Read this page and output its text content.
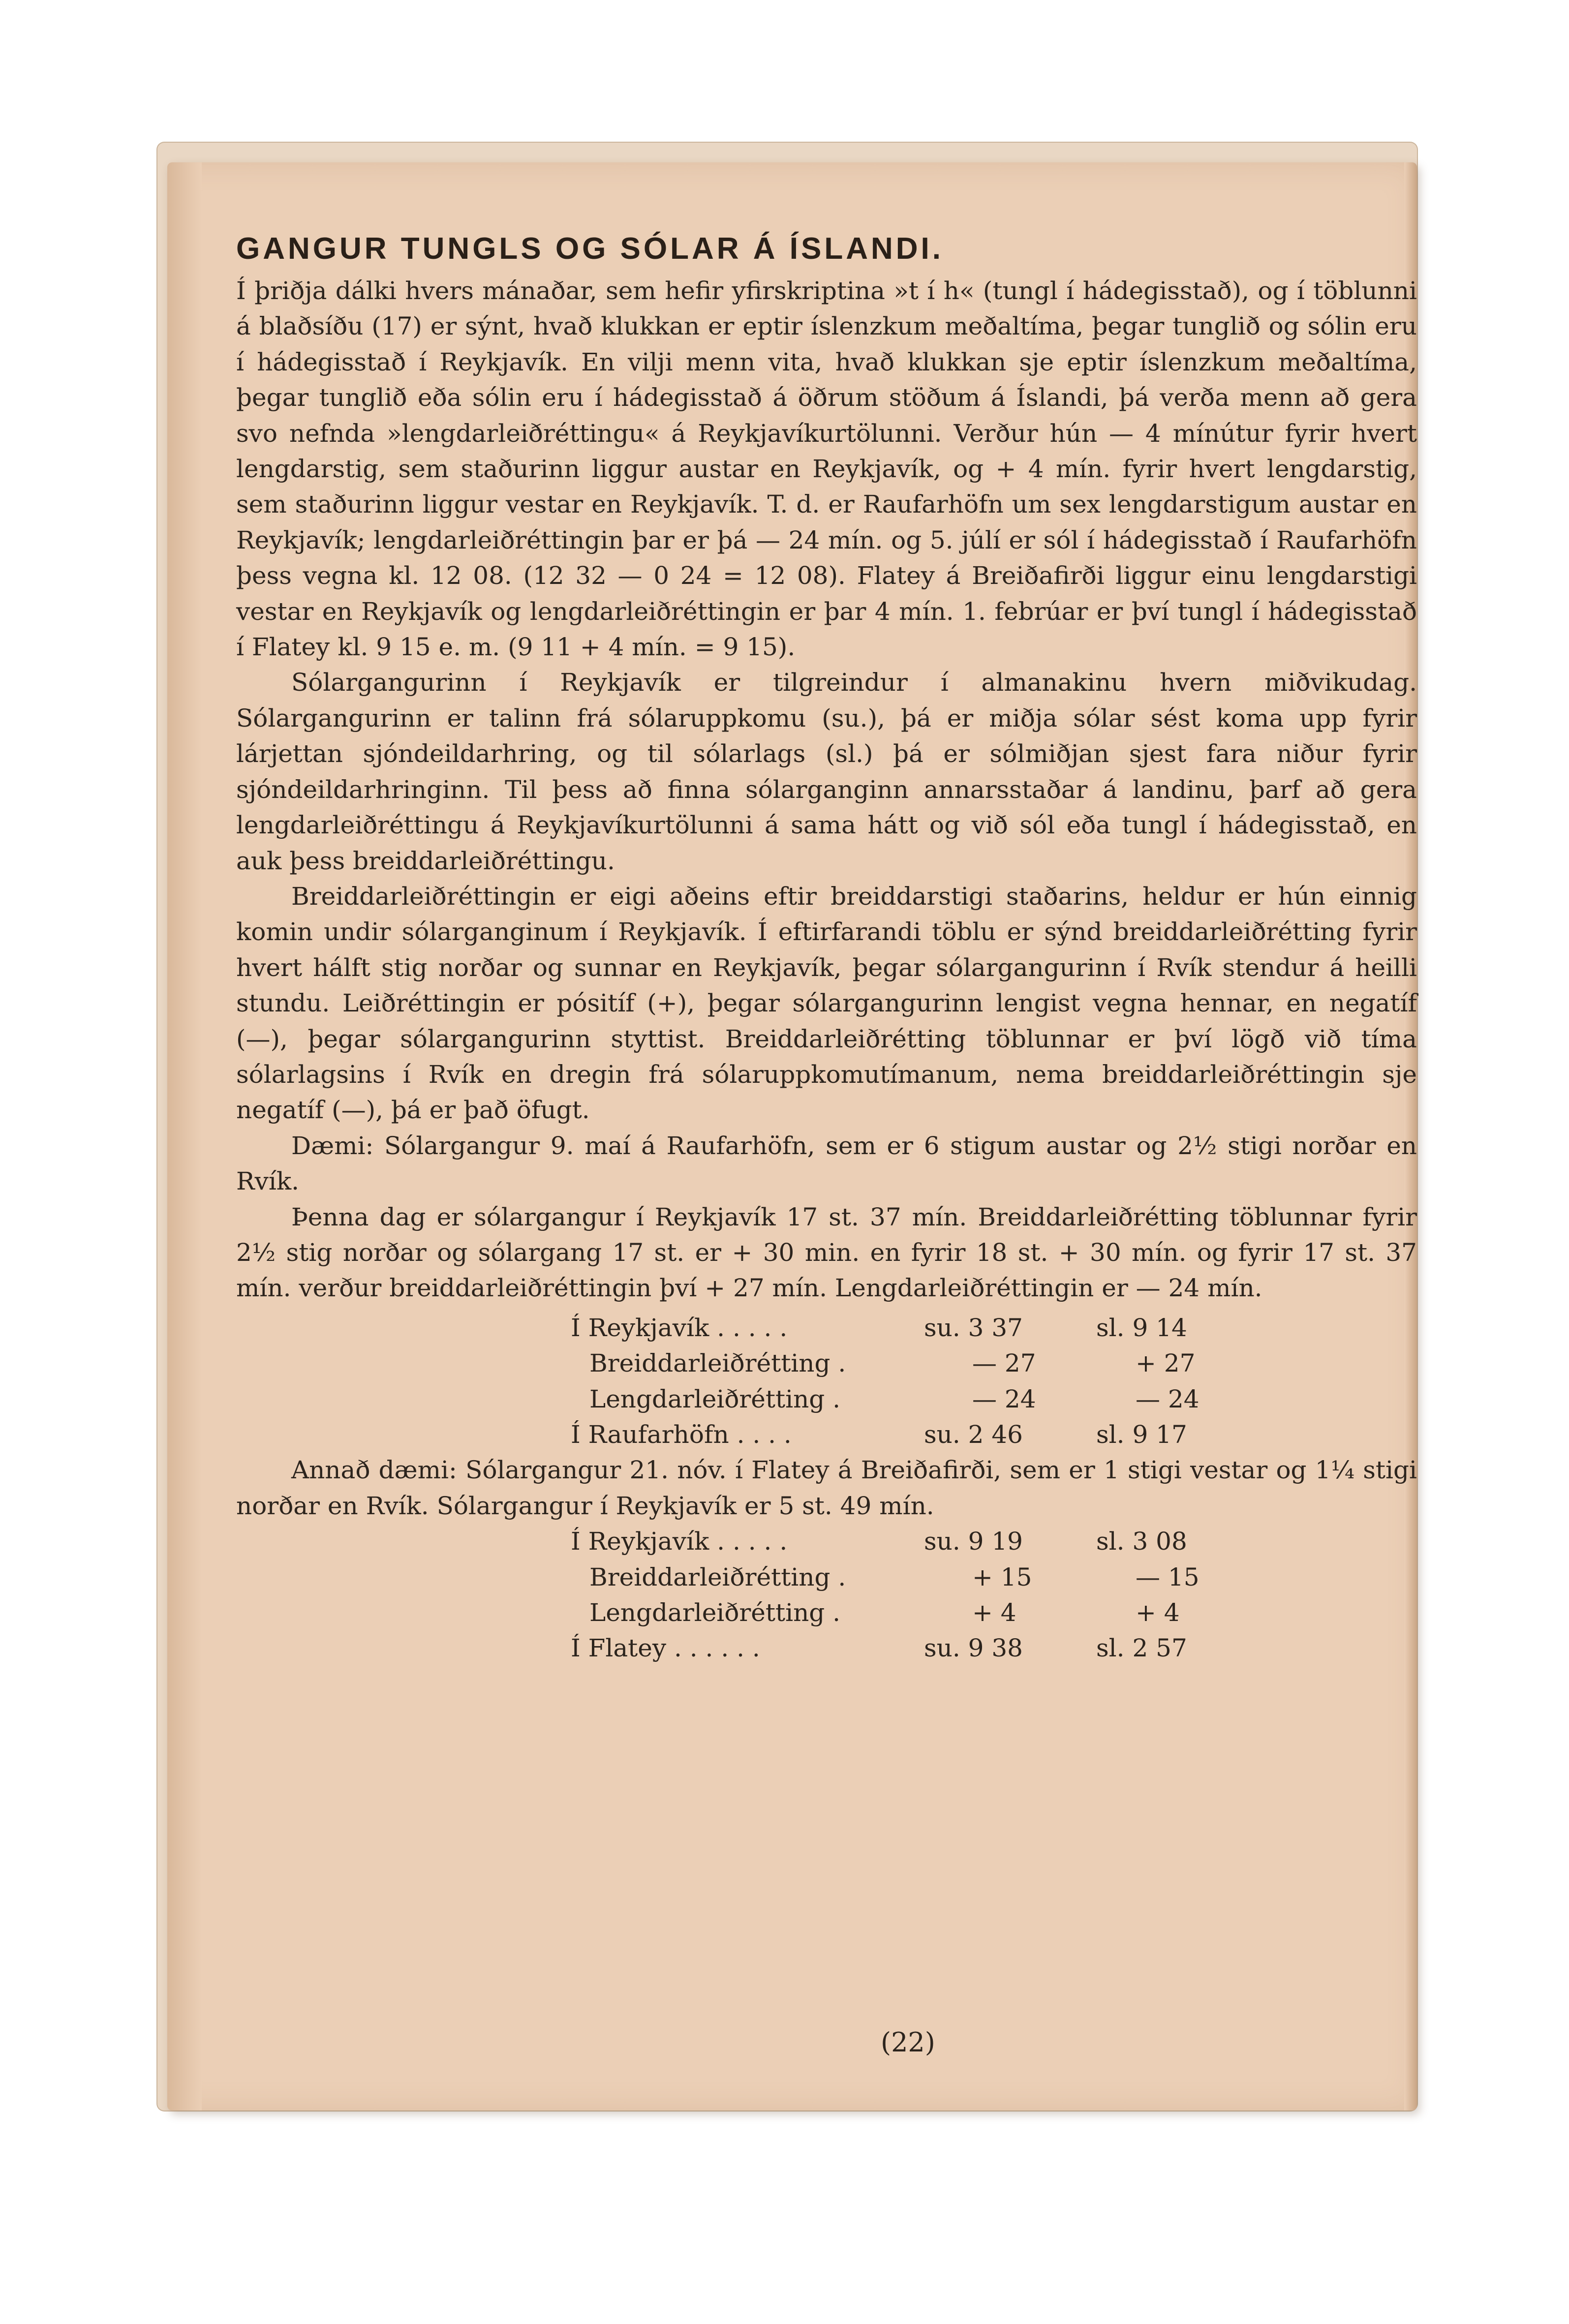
GANGUR TUNGLS OG SÓLAR Á ÍSLANDI.

Í þriðja dálki hvers mánaðar, sem hefir yfirskriptina »t í h« (tungl í hádegisstað), og í töblunni á blaðsíðu (17) er sýnt, hvað klukkan er eptir íslenzkum meðaltíma, þegar tunglið og sólin eru í hádegisstað í Reykjavík. En vilji menn vita, hvað klukkan sje eptir íslenzkum meðaltíma, þegar tunglið eða sólin eru í hádegisstað á öðrum stöðum á Íslandi, þá verða menn að gera svo nefnda »lengdarleiðréttingu« á Reykjavíkurtölunni. Verður hún — 4 mínútur fyrir hvert lengdarstig, sem staðurinn liggur austar en Reykjavík, og + 4 mín. fyrir hvert lengdarstig, sem staðurinn liggur vestar en Reykjavík. T. d. er Raufarhöfn um sex lengdarstigum austar en Reykjavík; lengdarleiðréttingin þar er þá — 24 mín. og 5. júlí er sól í hádegisstað í Raufarhöfn þess vegna kl. 12 08. (12 32 — 0 24 = 12 08). Flatey á Breiðafirði liggur einu lengdarstigi vestar en Reykjavík og lengdarleiðréttingin er þar 4 mín. 1. febrúar er því tungl í hádegisstað í Flatey kl. 9 15 e. m. (9 11 + 4 mín. = 9 15).

Sólargangurinn í Reykjavík er tilgreindur í almanakinu hvern miðvikudag. Sólargangurinn er talinn frá sólaruppkomu (su.), þá er miðja sólar sést koma upp fyrir lárjettan sjóndeildarhring, og til sólarlags (sl.) þá er sólmiðjan sjest fara niður fyrir sjóndeildarhringinn. Til þess að finna sólarganginn annarsstaðar á landinu, þarf að gera lengdarleiðréttingu á Reykjavíkurtölunni á sama hátt og við sól eða tungl í hádegisstað, en auk þess breiddarleiðréttingu.

Breiddarleiðréttingin er eigi aðeins eftir breiddarstigi staðarins, heldur er hún einnig komin undir sólarganginum í Reykjavík. Í eftirfarandi töblu er sýnd breiddarleiðrétting fyrir hvert hálft stig norðar og sunnar en Reykjavík, þegar sólargangurinn í Rvík stendur á heilli stundu. Leiðréttingin er pósitíf (+), þegar sólargangurinn lengist vegna hennar, en negatíf (—), þegar sólargangurinn styttist. Breiddarleiðrétting töblunnar er því lögð við tíma sólarlagsins í Rvík en dregin frá sólaruppkomutímanum, nema breiddarleiðréttingin sje negatíf (—), þá er það öfugt.

Dæmi: Sólargangur 9. maí á Raufarhöfn, sem er 6 stigum austar og 2½ stigi norðar en Rvík.

Þenna dag er sólargangur í Reykjavík 17 st. 37 mín. Breiddarleiðrétting töblunnar fyrir 2½ stig norðar og sólargang 17 st. er + 30 min. en fyrir 18 st. + 30 mín. og fyrir 17 st. 37 mín. verður breiddarleiðréttingin því + 27 mín. Lengdarleiðréttingin er — 24 mín.

Í Reykjavík . . . . .	su. 3 37	sl. 9 14
Breiddarleiðrétting .	— 27	+ 27
Lengdarleiðrétting .	— 24	— 24
Í Raufarhöfn . . . .	su. 2 46	sl. 9 17

Annað dæmi: Sólargangur 21. nóv. í Flatey á Breiðafirði, sem er 1 stigi vestar og 1¼ stigi norðar en Rvík. Sólargangur í Reykjavík er 5 st. 49 mín.

Í Reykjavík . . . . .	su. 9 19	sl. 3 08
Breiddarleiðrétting .	+ 15	— 15
Lengdarleiðrétting .	+ 4	+ 4
Í Flatey . . . . . .	su. 9 38	sl. 2 57
(22)
